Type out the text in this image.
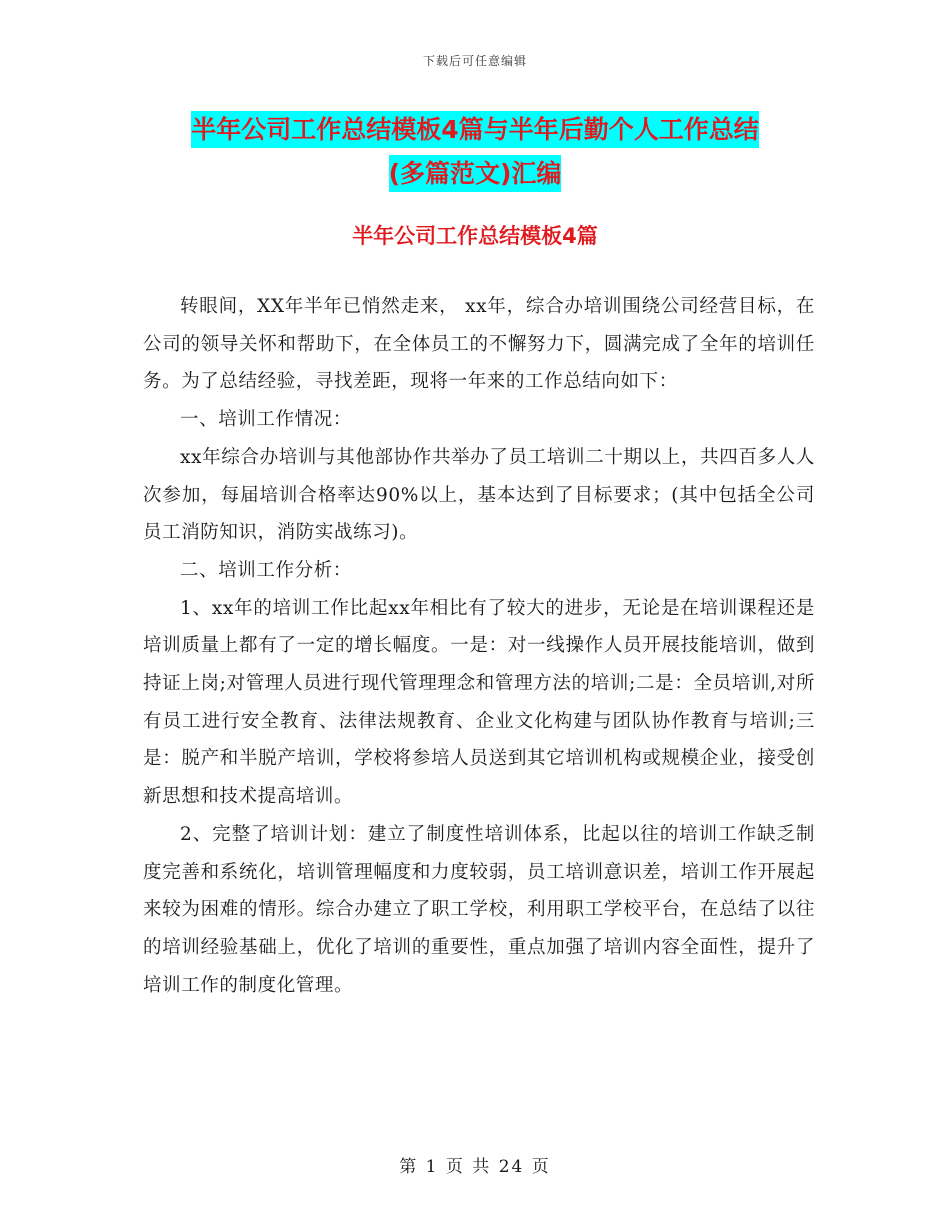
下载后可任意编辑
半年公司工作总结模板4篇与半年后勤个人工作总结
(多篇范文)汇编
半年公司工作总结模板4篇

转眼间，XX年半年已悄然走来， xx年，综合办培训围绕公司经营目标，在公司的领导关怀和帮助下，在全体员工的不懈努力下，圆满完成了全年的培训任务。为了总结经验，寻找差距，现将一年来的工作总结向如下：

一、培训工作情况：

xx年综合办培训与其他部协作共举办了员工培训二十期以上，共四百多人人次参加，每届培训合格率达90%以上，基本达到了目标要求；(其中包括全公司员工消防知识，消防实战练习)。

二、培训工作分析：

1、xx年的培训工作比起xx年相比有了较大的进步，无论是在培训课程还是培训质量上都有了一定的增长幅度。一是：对一线操作人员开展技能培训，做到持证上岗;对管理人员进行现代管理理念和管理方法的培训;二是：全员培训,对所有员工进行安全教育、法律法规教育、企业文化构建与团队协作教育与培训;三是：脱产和半脱产培训，学校将参培人员送到其它培训机构或规模企业，接受创新思想和技术提高培训。

2、完整了培训计划：建立了制度性培训体系，比起以往的培训工作缺乏制度完善和系统化，培训管理幅度和力度较弱，员工培训意识差，培训工作开展起来较为困难的情形。综合办建立了职工学校，利用职工学校平台，在总结了以往的培训经验基础上，优化了培训的重要性，重点加强了培训内容全面性，提升了培训工作的制度化管理。

第 1 页 共 24 页
